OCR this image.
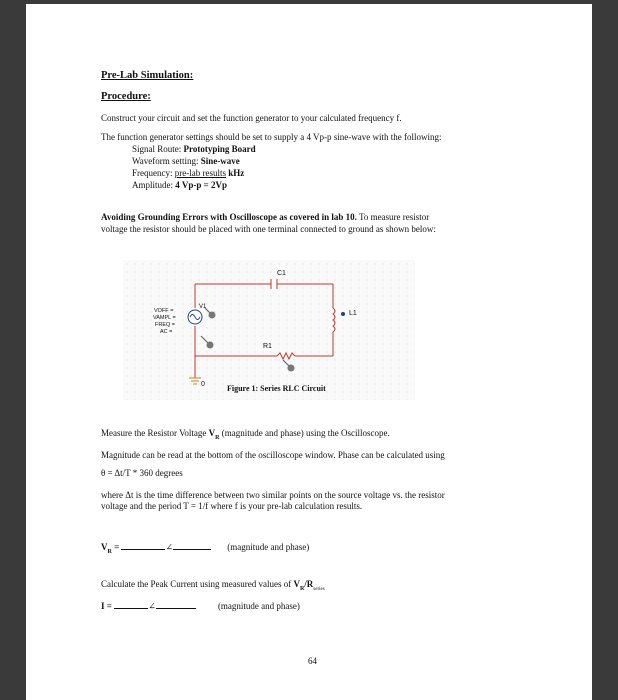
Pre-Lab Simulation:
Procedure:
Construct your circuit and set the function generator to your calculated frequency f.
The function generator settings should be set to supply a 4 Vp-p sine-wave with the following:
Signal Route: Prototyping Board
Waveform setting: Sine-wave
Frequency: pre-lab results kHz
Amplitude: 4 Vp-p = 2Vp
Avoiding Grounding Errors with Oscilloscope as covered in lab 10. To measure resistor
voltage the resistor should be placed with one terminal connected to ground as shown below:
C1
L1
R1
V1
0
VOFF =
VAMPL =
FREQ =
AC =
Figure 1: Series RLC Circuit
Measure the Resistor Voltage $V_R$ (magnitude and phase) using the Oscilloscope.
Magnitude can be read at the bottom of the oscilloscope window. Phase can be calculated using
θ = Δt/T * 360 degrees
where Δt is the time difference between two similar points on the source voltage vs. the resistor
voltage and the period T = 1/f where f is your pre-lab calculation results.
$V_R$ =	∠	(magnitude and phase)
Calculate the Peak Current using measured values of $V_R/R_{series}$
I =	∠	(magnitude and phase)
64
